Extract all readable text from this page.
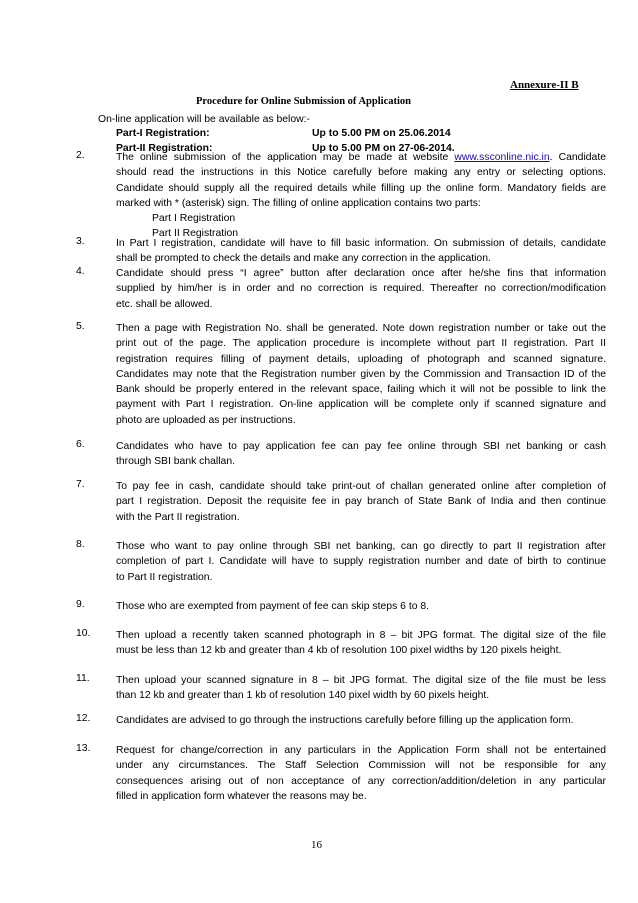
Annexure-II B
Procedure for Online Submission of Application
On-line application will be available as below:-
Part-I Registration:	Up to 5.00 PM on 25.06.2014
Part-II Registration:	Up to 5.00 PM on 27-06-2014.
2.	The online submission of the application may be made at website www.ssconline.nic.in. Candidate
should read the instructions in this Notice carefully before making any entry or selecting options.
Candidate should supply all the required details while filling up the online form. Mandatory fields are
marked with * (asterisk) sign. The filling of online application contains two parts:
Part I Registration
Part II Registration
3.	In Part I registration, candidate will have to fill basic information. On submission of details, candidate
shall be prompted to check the details and make any correction in the application.
4.	Candidate should press “I agree” button after declaration once after he/she fins that information
supplied by him/her is in order and no correction is required. Thereafter no correction/modification
etc. shall be allowed.
5.	Then a page with Registration No. shall be generated. Note down registration number or take out the
print out of the page. The application procedure is incomplete without part II registration. Part II
registration requires filling of payment details, uploading of photograph and scanned signature.
Candidates may note that the Registration number given by the Commission and Transaction ID of the
Bank should be properly entered in the relevant space, failing which it will not be possible to link the
payment with Part I registration. On-line application will be complete only if scanned signature and
photo are uploaded as per instructions.
6.	Candidates who have to pay application fee can pay fee online through SBI net banking or cash
through SBI bank challan.
7.	To pay fee in cash, candidate should take print-out of challan generated online after completion of
part I registration. Deposit the requisite fee in pay branch of State Bank of India and then continue
with the Part II registration.
8.	Those who want to pay online through SBI net banking, can go directly to part II registration after
completion of part I. Candidate will have to supply registration number and date of birth to continue
to Part II registration.
9.	Those who are exempted from payment of fee can skip steps 6 to 8.
10. Then upload a recently taken scanned photograph in 8 – bit JPG format. The digital size of the file
must be less than 12 kb and greater than 4 kb of resolution 100 pixel widths by 120 pixels height.
11.	Then upload your scanned signature in 8 – bit JPG format. The digital size of the file must be less
than 12 kb and greater than 1 kb of resolution 140 pixel width by 60 pixels height.
12. Candidates are advised to go through the instructions carefully before filling up the application form.
13. Request for change/correction in any particulars in the Application Form shall not be entertained
under any circumstances. The Staff Selection Commission will not be responsible for any
consequences arising out of non acceptance of any correction/addition/deletion in any particular
filled in application form whatever the reasons may be.
16
